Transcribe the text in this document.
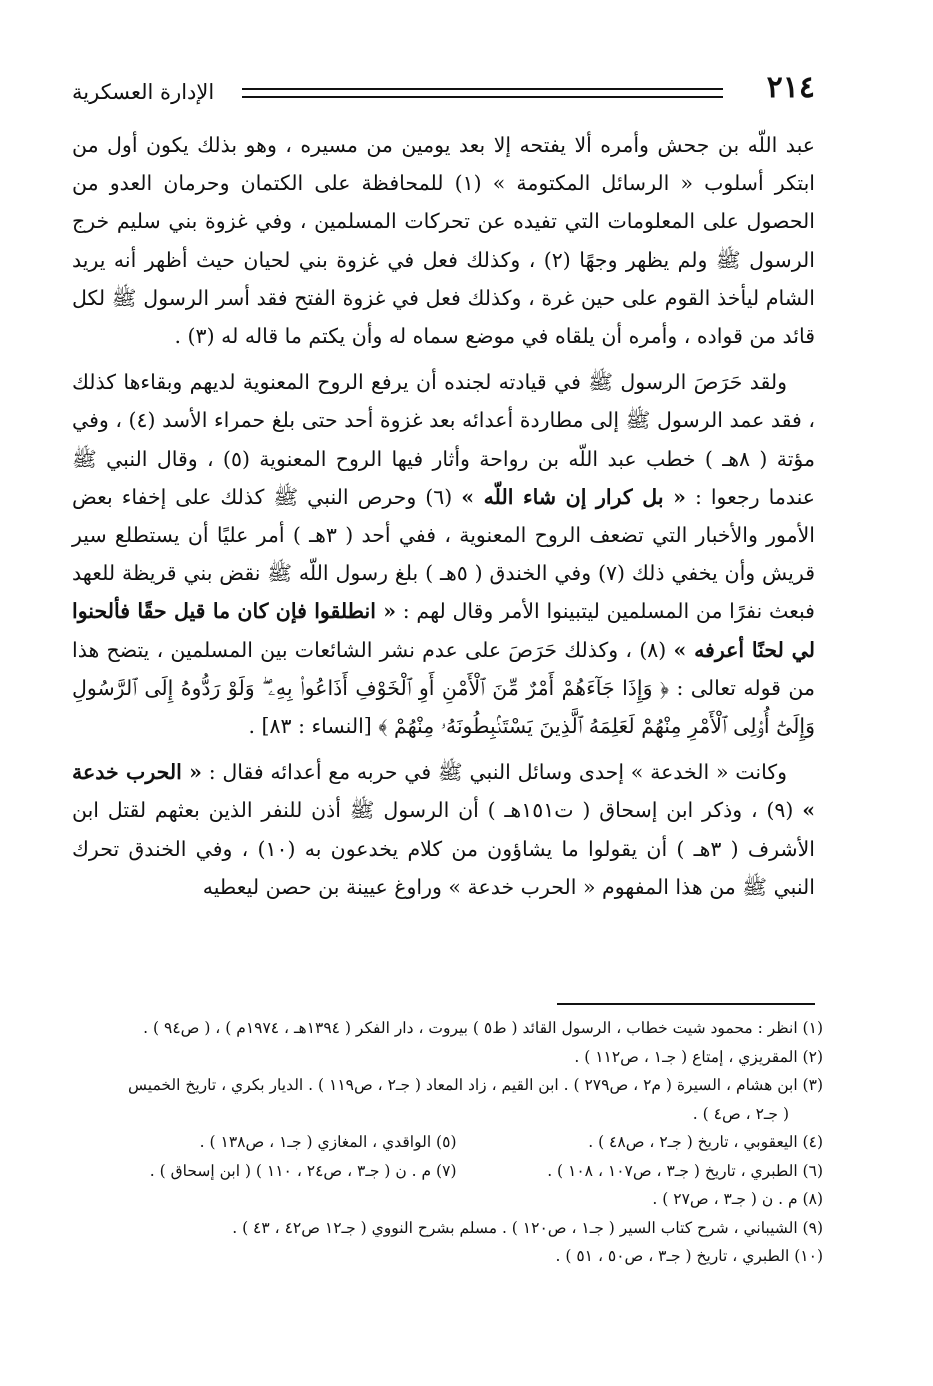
٢١٤
الإدارة العسكرية

عبد اللّه بن جحش وأمره ألا يفتحه إلا بعد يومين من مسيره ، وهو بذلك يكون أول من ابتكر أسلوب « الرسائل المكتومة » (١) للمحافظة على الكتمان وحرمان العدو من الحصول على المعلومات التي تفيده عن تحركات المسلمين ، وفي غزوة بني سليم خرج الرسول ﷺ ولم يظهر وجهًا (٢) ، وكذلك فعل في غزوة بني لحيان حيث أظهر أنه يريد الشام ليأخذ القوم على حين غرة ، وكذلك فعل في غزوة الفتح فقد أسر الرسول ﷺ لكل قائد من قواده ، وأمره أن يلقاه في موضع سماه له وأن يكتم ما قاله له (٣) .

ولقد حَرَصَ الرسول ﷺ في قيادته لجنده أن يرفع الروح المعنوية لديهم وبقاءها كذلك ، فقد عمد الرسول ﷺ إلى مطاردة أعدائه بعد غزوة أحد حتى بلغ حمراء الأسد (٤) ، وفي مؤتة ( ٨هـ ) خطب عبد اللّه بن رواحة وأثار فيها الروح المعنوية (٥) ، وقال النبي ﷺ عندما رجعوا : « بل كرار إن شاء اللّه » (٦) وحرص النبي ﷺ كذلك على إخفاء بعض الأمور والأخبار التي تضعف الروح المعنوية ، ففي أحد ( ٣هـ ) أمر عليًا أن يستطلع سير قريش وأن يخفي ذلك (٧) وفي الخندق ( ٥هـ ) بلغ رسول اللّه ﷺ نقض بني قريظة للعهد فبعث نفرًا من المسلمين ليتبينوا الأمر وقال لهم : « انطلقوا فإن كان ما قيل حقًا فألحنوا لي لحنًا أعرفه » (٨) ، وكذلك حَرَصَ على عدم نشر الشائعات بين المسلمين ، يتضح هذا من قوله تعالى : ﴿ وَإِذَا جَآءَهُمْ أَمْرٌ مِّنَ ٱلْأَمْنِ أَوِ ٱلْخَوْفِ أَذَاعُوا۟ بِهِۦ ۖ وَلَوْ رَدُّوهُ إِلَى ٱلرَّسُولِ وَإِلَىٰٓ أُو۟لِى ٱلْأَمْرِ مِنْهُمْ لَعَلِمَهُ ٱلَّذِينَ يَسْتَنۢبِطُونَهُۥ مِنْهُمْ ﴾ [النساء : ٨٣] .

وكانت « الخدعة » إحدى وسائل النبي ﷺ في حربه مع أعدائه فقال : « الحرب خدعة » (٩) ، وذكر ابن إسحاق ( ت١٥١هـ ) أن الرسول ﷺ أذن للنفر الذين بعثهم لقتل ابن الأشرف ( ٣هـ ) أن يقولوا ما يشاؤون من كلام يخدعون به (١٠) ، وفي الخندق تحرك النبي ﷺ من هذا المفهوم « الحرب خدعة » وراوغ عيينة بن حصن ليعطيه

(١) انظر : محمود شيت خطاب ، الرسول القائد ( ط٥ ) بيروت ، دار الفكر ( ١٣٩٤هـ ، ١٩٧٤م ) ، ( ص٩٤ ) .

(٢) المقريزي ، إمتاع ( جـ١ ، ص١١٢ ) .

(٣) ابن هشام ، السيرة ( م٢ ، ص٢٧٩ ) . ابن القيم ، زاد المعاد ( جـ٢ ، ص١١٩ ) . الديار بكري ، تاريخ الخميس

( جـ٢ ، ص٤ ) .

(٤) اليعقوبي ، تاريخ ( جـ٢ ، ص٤٨ ) .

(٥) الواقدي ، المغازي ( جـ١ ، ص١٣٨ ) .

(٦) الطبري ، تاريخ ( جـ٣ ، ص١٠٧ ، ١٠٨ ) .

(٧) م . ن ( جـ٣ ، ص٢٤ ، ١١٠ ) ( ابن إسحاق ) .

(٨) م . ن ( جـ٣ ، ص٢٧ ) .

(٩) الشيباني ، شرح كتاب السير ( جـ١ ، ص١٢٠ ) . مسلم بشرح النووي ( جـ١٢ ص٤٢ ، ٤٣ ) .

(١٠) الطبري ، تاريخ ( جـ٣ ، ص٥٠ ، ٥١ ) .
